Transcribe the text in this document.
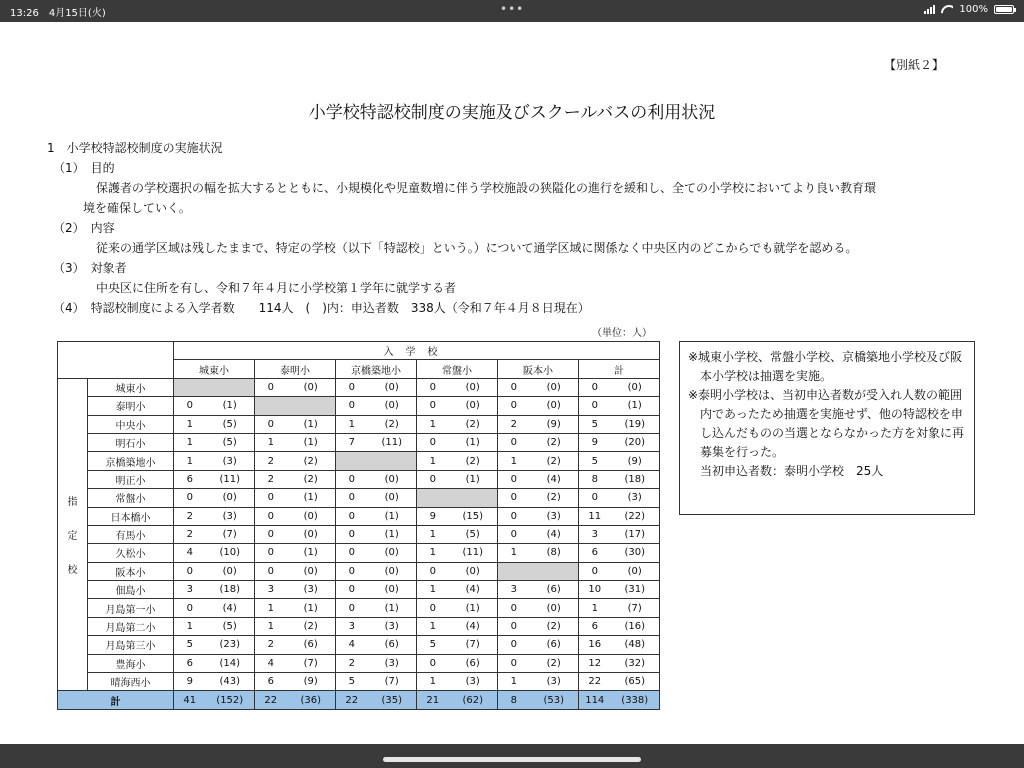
13:26　 4月15日(火)	•••	100%
【別紙２】
小学校特認校制度の実施及びスクールバスの利用状況
1　小学校特認校制度の実施状況
（1）　目的
保護者の学校選択の幅を拡大するとともに、小規模化や児童数増に伴う学校施設の狭隘化の進行を緩和し、全ての小学校においてより良い教育環
境を確保していく。
（2）　内容
従来の通学区域は残したままで、特定の学校（以下「特認校」という。）について通学区域に関係なく中央区内のどこからでも就学を認める。
（3）　対象者
中央区に住所を有し、令和７年４月に小学校第１学年に就学する者
（4）　特認校制度による入学者数　　114人　(　)内：申込者数　338人（令和７年４月８日現在）
（単位：人）
		入学校											
		城東小		泰明小		京橋築地小		常盤小		阪本小		計	

指
定
校	城東小			0	(0)	0	(0)	0	(0)	0	(0)	0	(0)
	泰明小	0	(1)			0	(0)	0	(0)	0	(0)	0	(1)
	中央小	1	(5)	0	(1)	1	(2)	1	(2)	2	(9)	5	(19)
	明石小	1	(5)	1	(1)	7	(11)	0	(1)	0	(2)	9	(20)
	京橋築地小	1	(3)	2	(2)			1	(2)	1	(2)	5	(9)
	明正小	6	(11)	2	(2)	0	(0)	0	(1)	0	(4)	8	(18)
	常盤小	0	(0)	0	(1)	0	(0)			0	(2)	0	(3)
	日本橋小	2	(3)	0	(0)	0	(1)	9	(15)	0	(3)	11	(22)
	有馬小	2	(7)	0	(0)	0	(1)	1	(5)	0	(4)	3	(17)
	久松小	4	(10)	0	(1)	0	(0)	1	(11)	1	(8)	6	(30)
	阪本小	0	(0)	0	(0)	0	(0)	0	(0)			0	(0)
	佃島小	3	(18)	3	(3)	0	(0)	1	(4)	3	(6)	10	(31)
	月島第一小	0	(4)	1	(1)	0	(1)	0	(1)	0	(0)	1	(7)
	月島第二小	1	(5)	1	(2)	3	(3)	1	(4)	0	(2)	6	(16)
	月島第三小	5	(23)	2	(6)	4	(6)	5	(7)	0	(6)	16	(48)
	豊海小	6	(14)	4	(7)	2	(3)	0	(6)	0	(2)	12	(32)
	晴海西小	9	(43)	6	(9)	5	(7)	1	(3)	1	(3)	22	(65)
計		41	(152)	22	(36)	22	(35)	21	(62)	8	(53)	114	(338)

※城東小学校、常盤小学校、京橋築地小学校及び阪本小学校は抽選を実施。

※泰明小学校は、当初申込者数が受入れ人数の範囲内であったため抽選を実施せず、他の特認校を申し込んだものの当選とならなかった方を対象に再募集を行った。

当初申込者数：泰明小学校　25人
